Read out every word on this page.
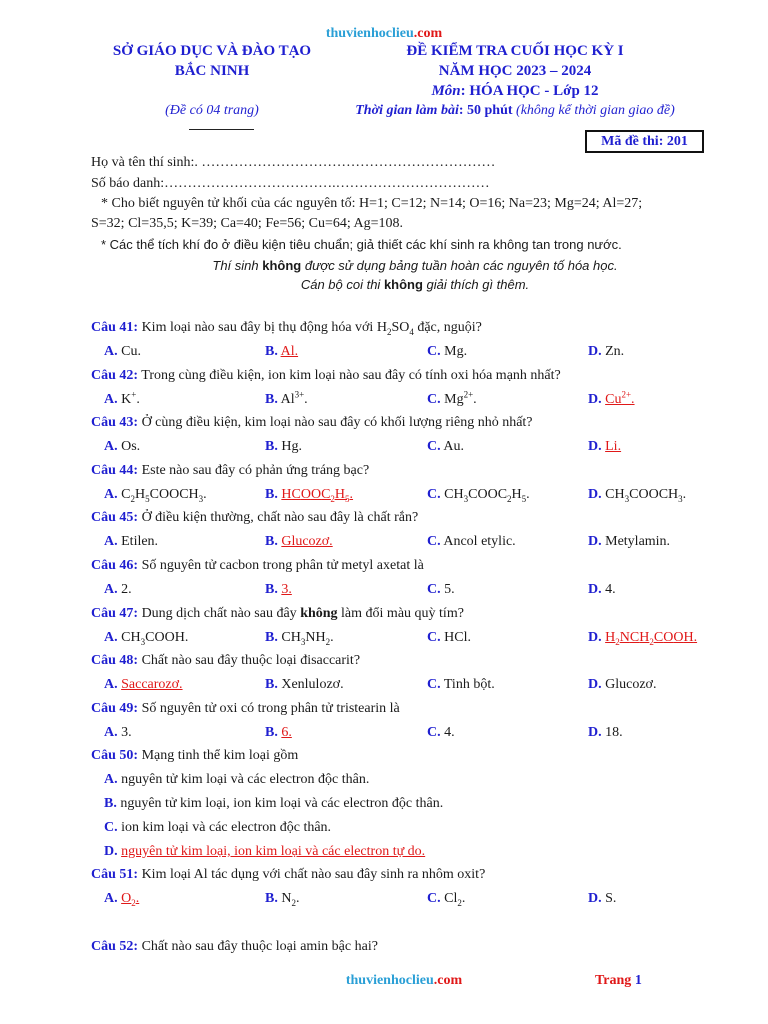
thuvienhoclieu.com
SỞ GIÁO DỤC VÀ ĐÀO TẠO
BẮC NINH
(Đề có 04 trang)
ĐỀ KIỂM TRA CUỐI HỌC KỲ I
NĂM HỌC 2023 – 2024
Môn: HÓA HỌC - Lớp 12
Thời gian làm bài: 50 phút (không kể thời gian giao đề)
Mã đề thi: 201
Họ và tên thí sinh:. ………………………………………………………
Số báo danh:……………………………….……………………………
* Cho biết nguyên tử khối của các nguyên tố: H=1; C=12; N=14; O=16; Na=23; Mg=24; Al=27;
S=32; Cl=35,5; K=39; Ca=40; Fe=56; Cu=64; Ag=108.
* Các thể tích khí đo ở điều kiện tiêu chuẩn; giả thiết các khí sinh ra không tan trong nước.
Thí sinh không được sử dụng bảng tuần hoàn các nguyên tố hóa học.
Cán bộ coi thi không giải thích gì thêm.
Câu 41: Kim loại nào sau đây bị thụ động hóa với $H_2SO_4$ đặc, nguội?
A. Cu.	B. Al.	C. Mg.	D. Zn.
Câu 42: Trong cùng điều kiện, ion kim loại nào sau đây có tính oxi hóa mạnh nhất?
A. K+.	B. $Al^{3+}$.	C. $Mg^{2+}$.	D. $Cu^{2+}$.
Câu 43: Ở cùng điều kiện, kim loại nào sau đây có khối lượng riêng nhỏ nhất?
A. Os.	B. Hg.	C. Au.	D. Li.
Câu 44: Este nào sau đây có phản ứng tráng bạc?
A. $C_2H_5COOCH_3$.	B. $HCOOC_2H_5$.	C. $CH_3COOC_2H_5$.	D. $CH_3COOCH_3$.
Câu 45: Ở điều kiện thường, chất nào sau đây là chất rắn?
A. Etilen.	B. Glucozơ.	C. Ancol etylic.	D. Metylamin.
Câu 46: Số nguyên tử cacbon trong phân tử metyl axetat là
A. 2.	B. 3.	C. 5.	D. 4.
Câu 47: Dung dịch chất nào sau đây không làm đổi màu quỳ tím?
A. $CH_3COOH$.	B. $CH_3NH_2$.	C. HCl.	D. $H_2NCH_2COOH$.
Câu 48: Chất nào sau đây thuộc loại đisaccarit?
A. Saccarozơ.	B. Xenlulozơ.	C. Tinh bột.	D. Glucozơ.
Câu 49: Số nguyên tử oxi có trong phân tử tristearin là
A. 3.	B. 6.	C. 4.	D. 18.
Câu 50: Mạng tinh thể kim loại gồm
A. nguyên tử kim loại và các electron độc thân.
B. nguyên tử kim loại, ion kim loại và các electron độc thân.
C. ion kim loại và các electron độc thân.
D. nguyên tử kim loại, ion kim loại và các electron tự do.
Câu 51: Kim loại Al tác dụng với chất nào sau đây sinh ra nhôm oxit?
A. $O_2$.	B. $N_2$.	C. $Cl_2$.	D. S.
Câu 52: Chất nào sau đây thuộc loại amin bậc hai?
thuvienhoclieu.com	Trang 1
